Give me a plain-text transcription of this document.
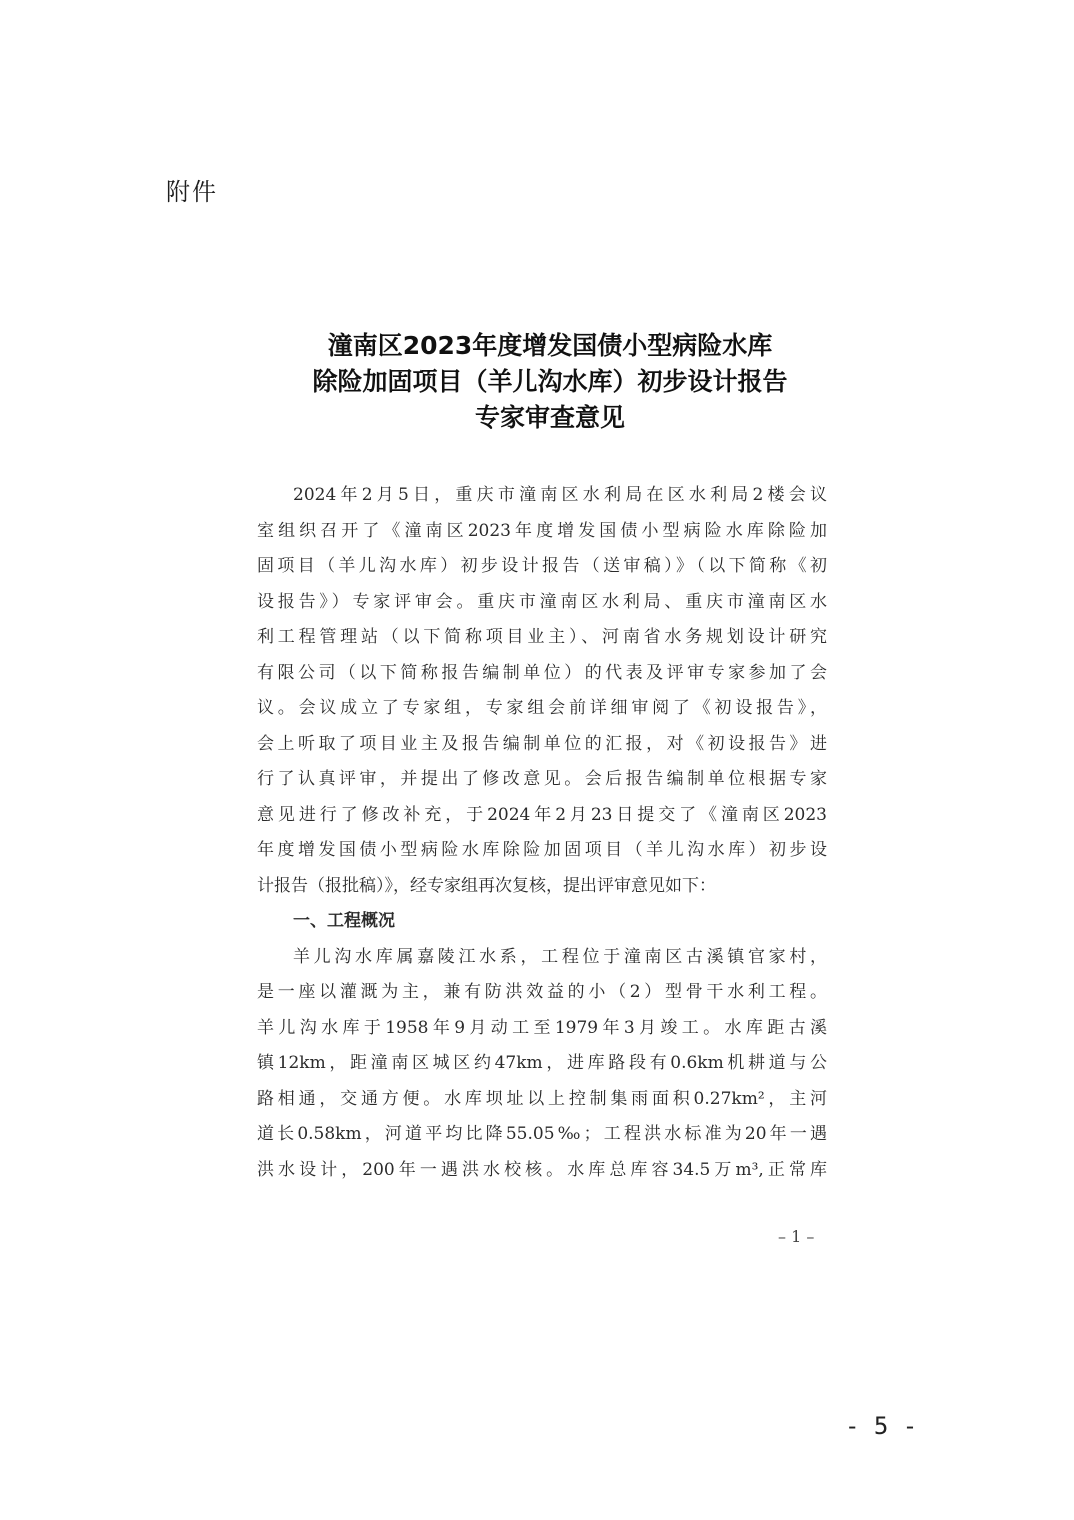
附件
潼南区2023年度增发国债小型病险水库
除险加固项目（羊儿沟水库）初步设计报告
专家审查意见
2024年2月5日，重庆市潼南区水利局在区水利局2楼会议
室组织召开了《潼南区2023年度增发国债小型病险水库除险加
固项目（羊儿沟水库）初步设计报告（送审稿）》（以下简称《初
设报告》）专家评审会。重庆市潼南区水利局、重庆市潼南区水
利工程管理站（以下简称项目业主）、河南省水务规划设计研究
有限公司（以下简称报告编制单位）的代表及评审专家参加了会
议。会议成立了专家组，专家组会前详细审阅了《初设报告》，
会上听取了项目业主及报告编制单位的汇报，对《初设报告》进
行了认真评审，并提出了修改意见。会后报告编制单位根据专家
意见进行了修改补充，于2024年2月23日提交了《潼南区2023
年度增发国债小型病险水库除险加固项目（羊儿沟水库）初步设
计报告（报批稿）》，经专家组再次复核，提出评审意见如下：
一、工程概况
羊儿沟水库属嘉陵江水系，工程位于潼南区古溪镇官家村，
是一座以灌溉为主，兼有防洪效益的小（2）型骨干水利工程。
羊儿沟水库于1958年9月动工至1979年3月竣工。水库距古溪
镇12km，距潼南区城区约47km，进库路段有0.6km机耕道与公
路相通，交通方便。水库坝址以上控制集雨面积0.27km²，主河
道长0.58km，河道平均比降55.05‰；工程洪水标准为20年一遇
洪水设计，200年一遇洪水校核。水库总库容34.5万m³,正常库
– 1 –
- 5 -
